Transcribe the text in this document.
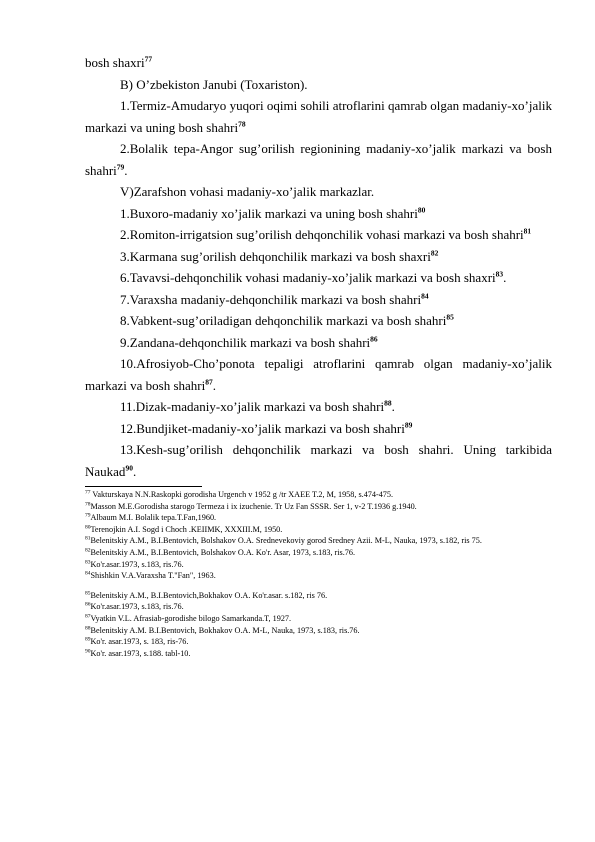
bosh shaxri$^{77}$
B) O’zbekiston Janubi (Toxariston).
1.Termiz-Amudaryo yuqori oqimi sohili atroflarini qamrab olgan madaniy-xo’jalik markazi va uning bosh shahri$^{78}$
2.Bolalik tepa-Angor sug’orilish regionining madaniy-xo’jalik markazi va bosh shahri$^{79}$.
V)Zarafshon vohasi madaniy-xo’jalik markazlar.
1.Buxoro-madaniy xo’jalik markazi va uning bosh shahri$^{80}$
2.Romiton-irrigatsion sug’orilish dehqonchilik vohasi markazi va bosh shahri$^{81}$
3.Karmana sug’orilish dehqonchilik markazi va bosh shaxri$^{82}$
6.Tavavsi-dehqonchilik vohasi madaniy-xo’jalik markazi va bosh shaxri$^{83}$.
7.Varaxsha madaniy-dehqonchilik markazi va bosh shahri$^{84}$
8.Vabkent-sug’oriladigan dehqonchilik markazi va bosh shahri$^{85}$
9.Zandana-dehqonchilik markazi va bosh shahri$^{86}$
10.Afrosiyob-Cho’ponota tepaligi atroflarini qamrab olgan madaniy-xo’jalik markazi va bosh shahri$^{87}$.
11.Dizak-madaniy-xo’jalik markazi va bosh shahri$^{88}$.
12.Bundjiket-madaniy-xo’jalik markazi va bosh shahri$^{89}$
13.Kesh-sug’orilish dehqonchilik markazi va bosh shahri. Uning tarkibida Naukad$^{90}$.
$^{77}$ Vakturskaya N.N.Raskopki gorodisha Urgench v 1952 g /tr XAEE T.2, M, 1958, s.474-475.
$^{78}$Masson M.E.Gorodisha starogo Termeza i ix izuchenie. Tr Uz Fan SSSR. Ser 1, v-2 T.1936 g.1940.
$^{79}$Albaum M.I. Bolalik tepa.T.Fan,1960.
$^{80}$Terenojkin A.I. Sogd i Choch .KEIIMK, XXXIII.M, 1950.
$^{81}$Belenitskiy A.M., B.I.Bentovich, Bolshakov O.A. Srednevekoviy gorod Sredney Azii. M-L, Nauka, 1973, s.182, ris 75.
$^{82}$Belenitskiy A.M., B.I.Bentovich, Bolshakov O.A. Ko'r. Asar, 1973, s.183, ris.76.
$^{83}$Ko'r.asar.1973, s.183, ris.76.
$^{84}$Shishkin V.A.Varaxsha T."Fan", 1963.
$^{85}$Belenitskiy A.M., B.I.Bentovich,Bokhakov O.A. Ko'r.asar. s.182, ris 76.
$^{86}$Ko'r.asar.1973, s.183, ris.76.
$^{87}$Vyatkin V.L. Afrasiab-gorodishe bilogo Samarkanda.T, 1927.
$^{88}$Belenitskiy A.M. B.I.Bentovich, Bokhakov O.A. M-L, Nauka, 1973, s.183, ris.76.
$^{89}$Ko'r. asar.1973, s. 183, ris-76.
$^{90}$Ko'r. asar.1973, s.188. tabl-10.
